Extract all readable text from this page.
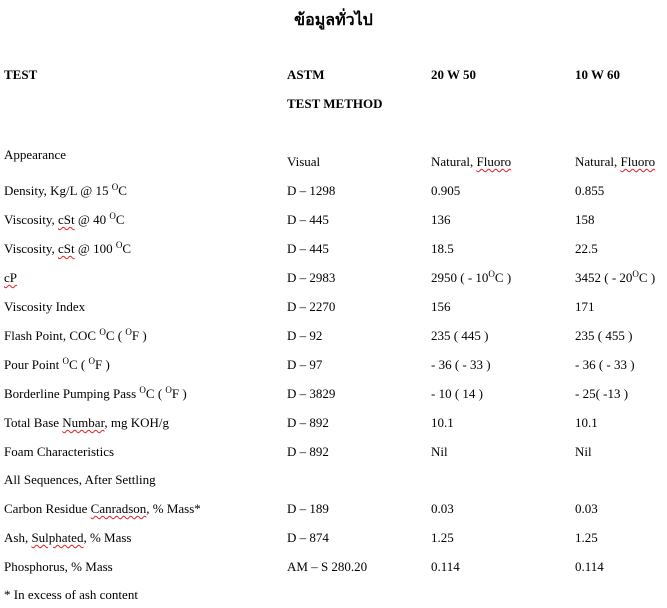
ข้อมูลทั่วไป
TEST	ASTM	20 W 50	10 W 60
TEST METHOD
Appearance	Visual	Natural, Fluoro	Natural, Fluoro
Density, Kg/L @ 15 $^O$C	D – 1298	0.905	0.855
Viscosity, cSt @ 40 $^O$C	D – 445	136	158
Viscosity, cSt @ 100 $^O$C	D – 445	18.5	22.5
cP	D – 2983	2950 ( - $10^OC$ )	3452 ( - $20^OC$ )
Viscosity Index	D – 2270	156	171
Flash Point, COC $^O$C ( $^O$F )	D – 92	235 ( 445 )	235 ( 455 )
Pour Point $^O$C ( $^O$F )	D – 97	- 36 ( - 33 )	- 36 ( - 33 )
Borderline Pumping Pass $^O$C ( $^O$F )	D – 3829	- 10 ( 14 )	- 25( -13 )
Total Base Numbar, mg KOH/g	D – 892	10.1	10.1
Foam Characteristics	D – 892	Nil	Nil
All Sequences, After Settling
Carbon Residue Canradson, % Mass*	D – 189	0.03	0.03
Ash, Sulphated, % Mass	D – 874	1.25	1.25
Phosphorus, % Mass	AM – S 280.20	0.114	0.114
* In excess of ash content
